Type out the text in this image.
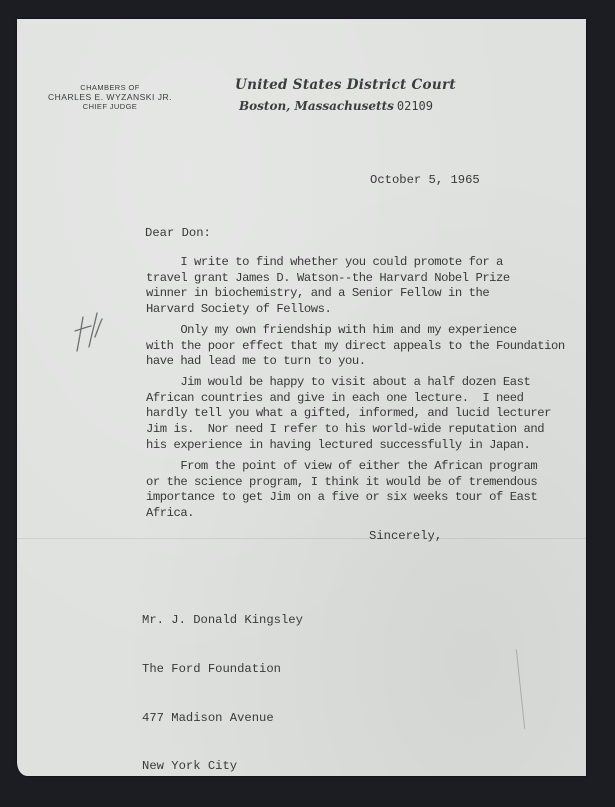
CHAMBERS OF
CHARLES E. WYZANSKI JR.
CHIEF JUDGE
United States District Court
Boston, Massachusetts 02109
October 5, 1965
Dear Don:
I write to find whether you could promote for a
travel grant James D. Watson--the Harvard Nobel Prize
winner in biochemistry, and a Senior Fellow in the
Harvard Society of Fellows.
Only my own friendship with him and my experience
with the poor effect that my direct appeals to the Foundation
have had lead me to turn to you.
Jim would be happy to visit about a half dozen East
African countries and give in each one lecture.  I need
hardly tell you what a gifted, informed, and lucid lecturer
Jim is.  Nor need I refer to his world-wide reputation and
his experience in having lectured successfully in Japan.
From the point of view of either the African program
or the science program, I think it would be of tremendous
importance to get Jim on a five or six weeks tour of East
Africa.
Sincerely,

Mr. J. Donald Kingsley

The Ford Foundation

477 Madison Avenue

New York City
